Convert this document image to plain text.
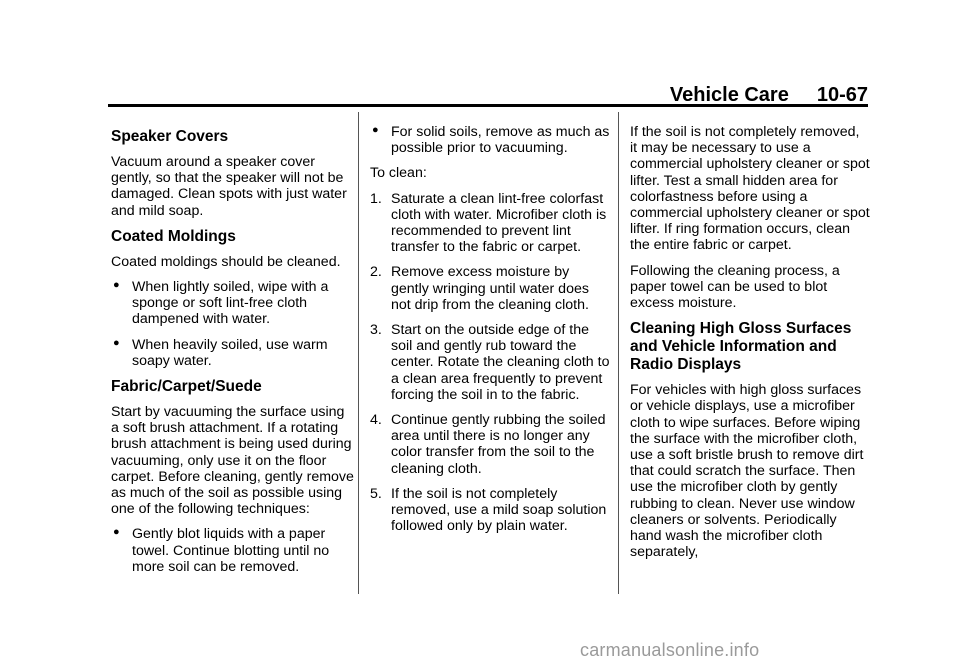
Vehicle Care 10-67
Speaker Covers

Vacuum around a speaker cover gently, so that the speaker will not be damaged. Clean spots with just water and mild soap.

Coated Moldings

Coated moldings should be cleaned.

● When lightly soiled, wipe with a sponge or soft lint-free cloth dampened with water.
● When heavily soiled, use warm soapy water.
Fabric/Carpet/Suede

Start by vacuuming the surface using a soft brush attachment. If a rotating brush attachment is being used during vacuuming, only use it on the floor carpet. Before cleaning, gently remove as much of the soil as possible using one of the following techniques:

● Gently blot liquids with a paper towel. Continue blotting until no more soil can be removed.
● For solid soils, remove as much as possible prior to vacuuming.

To clean:

1. Saturate a clean lint-free colorfast cloth with water. Microfiber cloth is recommended to prevent lint transfer to the fabric or carpet.
2. Remove excess moisture by gently wringing until water does not drip from the cleaning cloth.
3. Start on the outside edge of the soil and gently rub toward the center. Rotate the cleaning cloth to a clean area frequently to prevent forcing the soil in to the fabric.
4. Continue gently rubbing the soiled area until there is no longer any color transfer from the soil to the cleaning cloth.
5. If the soil is not completely removed, use a mild soap solution followed only by plain water.

If the soil is not completely removed, it may be necessary to use a commercial upholstery cleaner or spot lifter. Test a small hidden area for colorfastness before using a commercial upholstery cleaner or spot lifter. If ring formation occurs, clean the entire fabric or carpet.

Following the cleaning process, a paper towel can be used to blot excess moisture.

Cleaning High Gloss Surfaces and Vehicle Information and Radio Displays

For vehicles with high gloss surfaces or vehicle displays, use a microfiber cloth to wipe surfaces. Before wiping the surface with the microfiber cloth, use a soft bristle brush to remove dirt that could scratch the surface. Then use the microfiber cloth by gently rubbing to clean. Never use window cleaners or solvents. Periodically hand wash the microfiber cloth separately,

carmanualsonline.info
